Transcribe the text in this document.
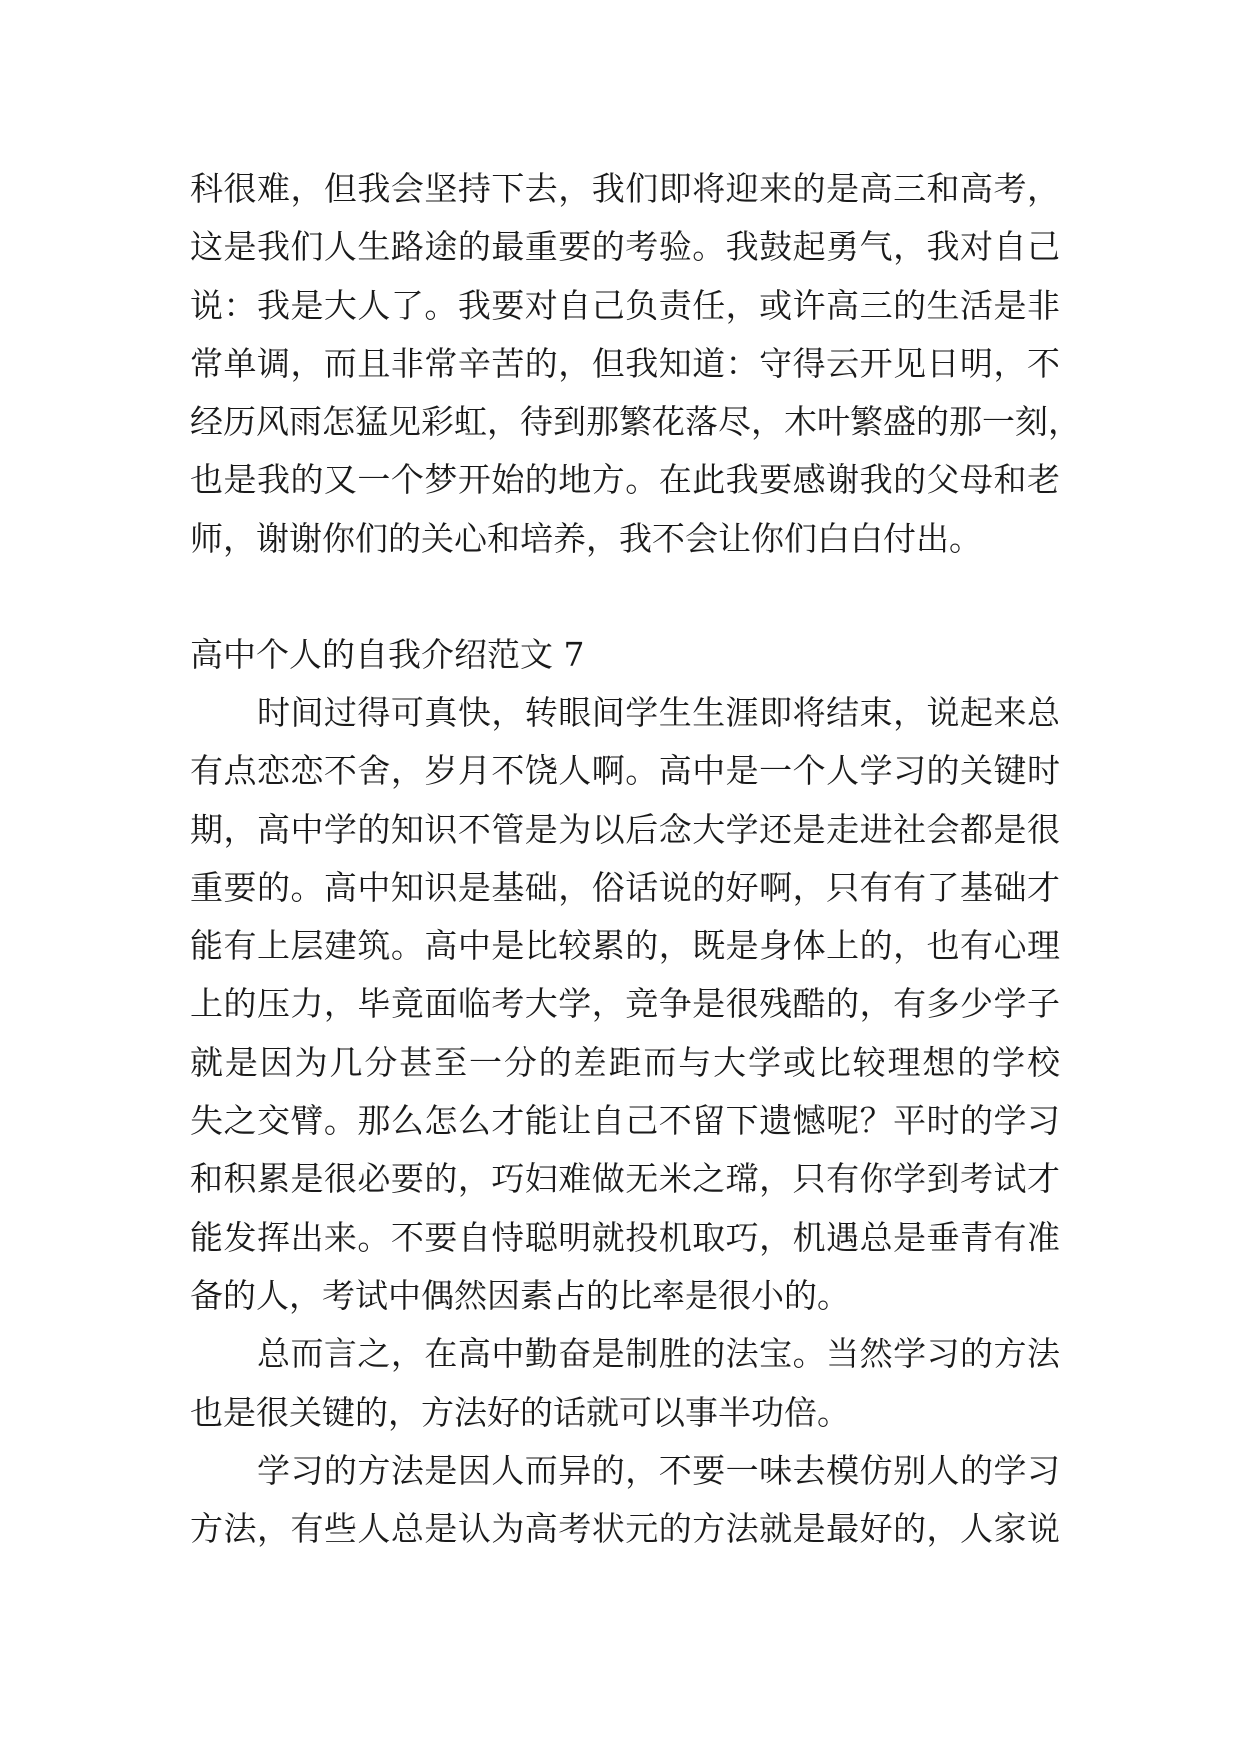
科很难，但我会坚持下去，我们即将迎来的是高三和高考，
这是我们人生路途的最重要的考验。我鼓起勇气，我对自己
说：我是大人了。我要对自己负责任，或许高三的生活是非
常单调，而且非常辛苦的，但我知道：守得云开见日明，不
经历风雨怎猛见彩虹，待到那繁花落尽，木叶繁盛的那一刻，
也是我的又一个梦开始的地方。在此我要感谢我的父母和老
师，谢谢你们的关心和培养，我不会让你们白白付出。
高中个人的自我介绍范文 7
　　时间过得可真快，转眼间学生生涯即将结束，说起来总
有点恋恋不舍，岁月不饶人啊。高中是一个人学习的关键时
期，高中学的知识不管是为以后念大学还是走进社会都是很
重要的。高中知识是基础，俗话说的好啊，只有有了基础才
能有上层建筑。高中是比较累的，既是身体上的，也有心理
上的压力，毕竟面临考大学，竞争是很残酷的，有多少学子
就是因为几分甚至一分的差距而与大学或比较理想的学校
失之交臂。那么怎么才能让自己不留下遗憾呢？平时的学习
和积累是很必要的，巧妇难做无米之瑺，只有你学到考试才
能发挥出来。不要自恃聪明就投机取巧，机遇总是垂青有准
备的人，考试中偶然因素占的比率是很小的。
　　总而言之，在高中勤奋是制胜的法宝。当然学习的方法
也是很关键的，方法好的话就可以事半功倍。
　　学习的方法是因人而异的，不要一味去模仿别人的学习
方法，有些人总是认为高考状元的方法就是最好的，人家说
